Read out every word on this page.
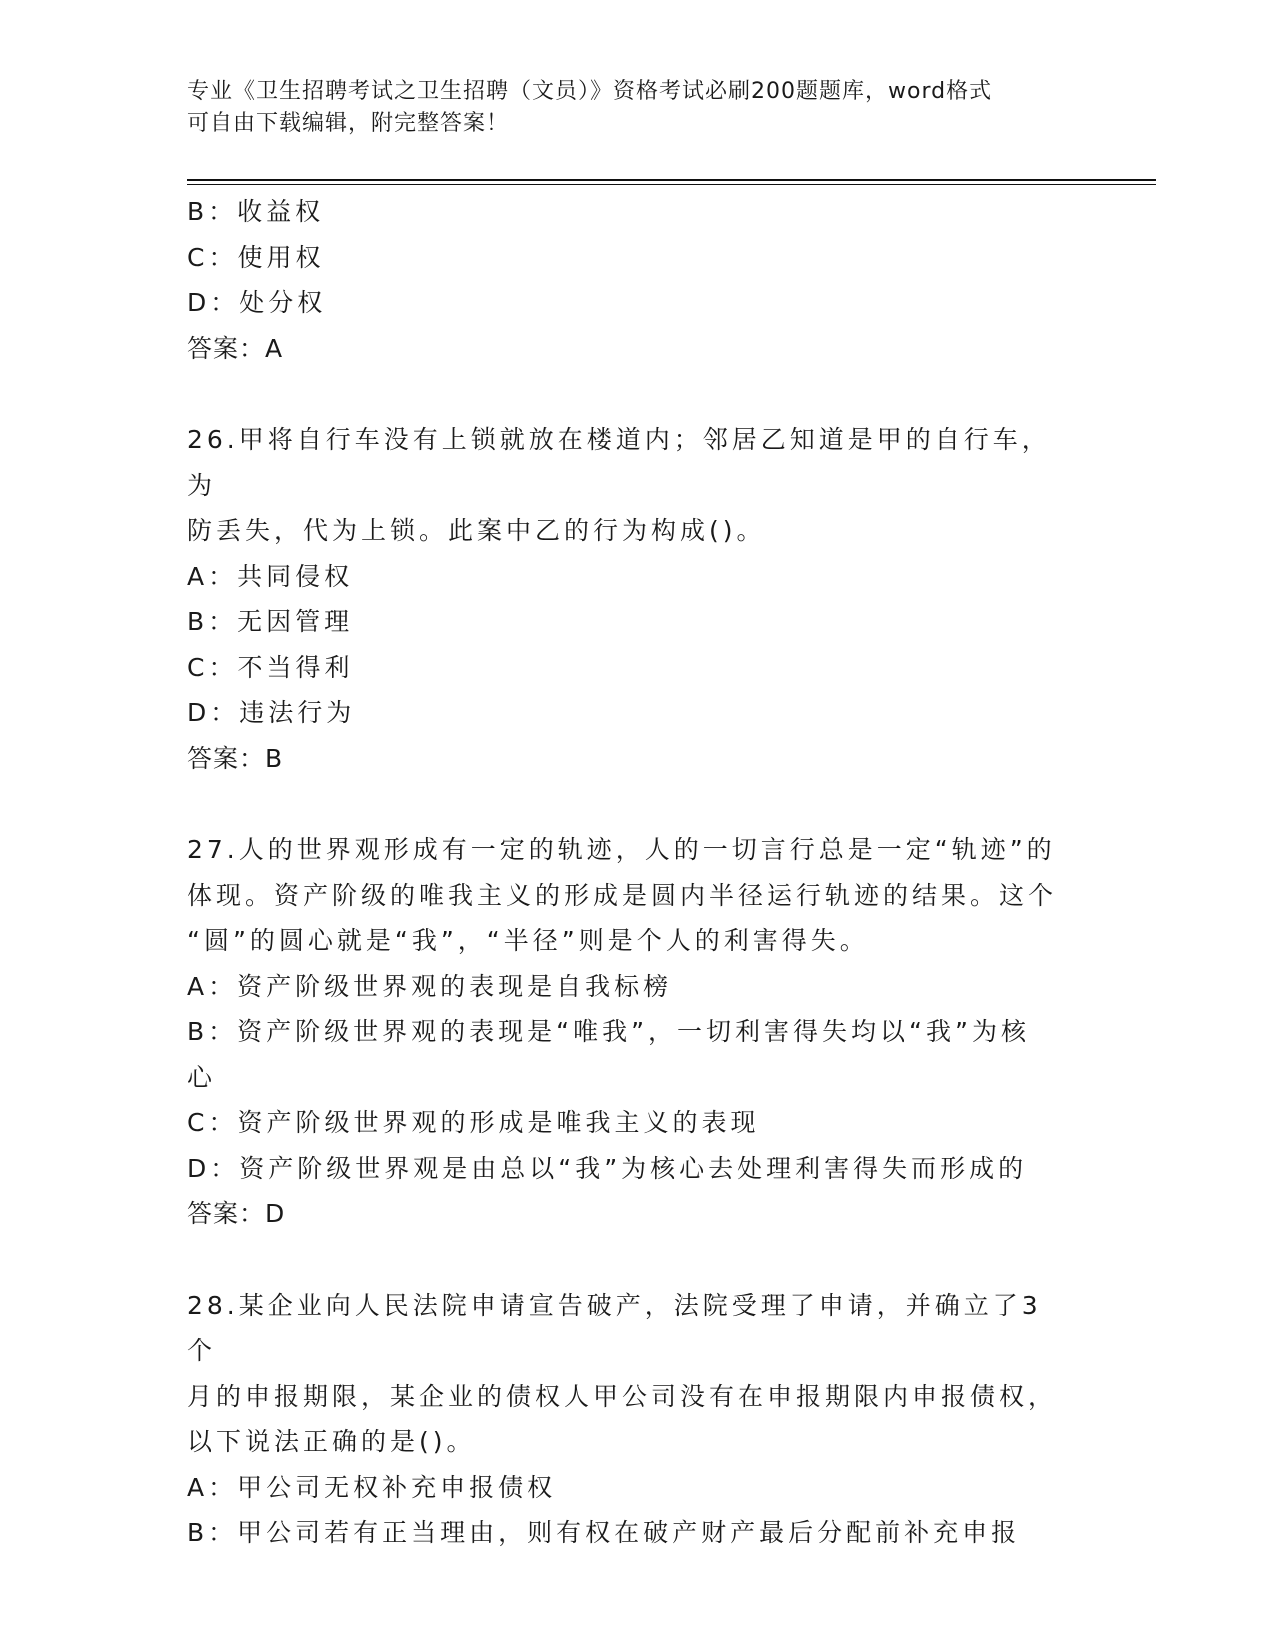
专业《卫生招聘考试之卫生招聘（文员）》资格考试必刷200题题库，word格式
可自由下载编辑，附完整答案！

B：收益权

C：使用权

D：处分权

答案：A

26.甲将自行车没有上锁就放在楼道内；邻居乙知道是甲的自行车，为

防丢失，代为上锁。此案中乙的行为构成()。

A：共同侵权

B：无因管理

C：不当得利

D：违法行为

答案：B

27.人的世界观形成有一定的轨迹，人的一切言行总是一定“轨迹”的

体现。资产阶级的唯我主义的形成是圆内半径运行轨迹的结果。这个

“圆”的圆心就是“我”，“半径”则是个人的利害得失。

A：资产阶级世界观的表现是自我标榜

B：资产阶级世界观的表现是“唯我”，一切利害得失均以“我”为核

心

C：资产阶级世界观的形成是唯我主义的表现

D：资产阶级世界观是由总以“我”为核心去处理利害得失而形成的

答案：D

28.某企业向人民法院申请宣告破产，法院受理了申请，并确立了3个

月的申报期限，某企业的债权人甲公司没有在申报期限内申报债权，

以下说法正确的是()。

A：甲公司无权补充申报债权

B：甲公司若有正当理由，则有权在破产财产最后分配前补充申报
